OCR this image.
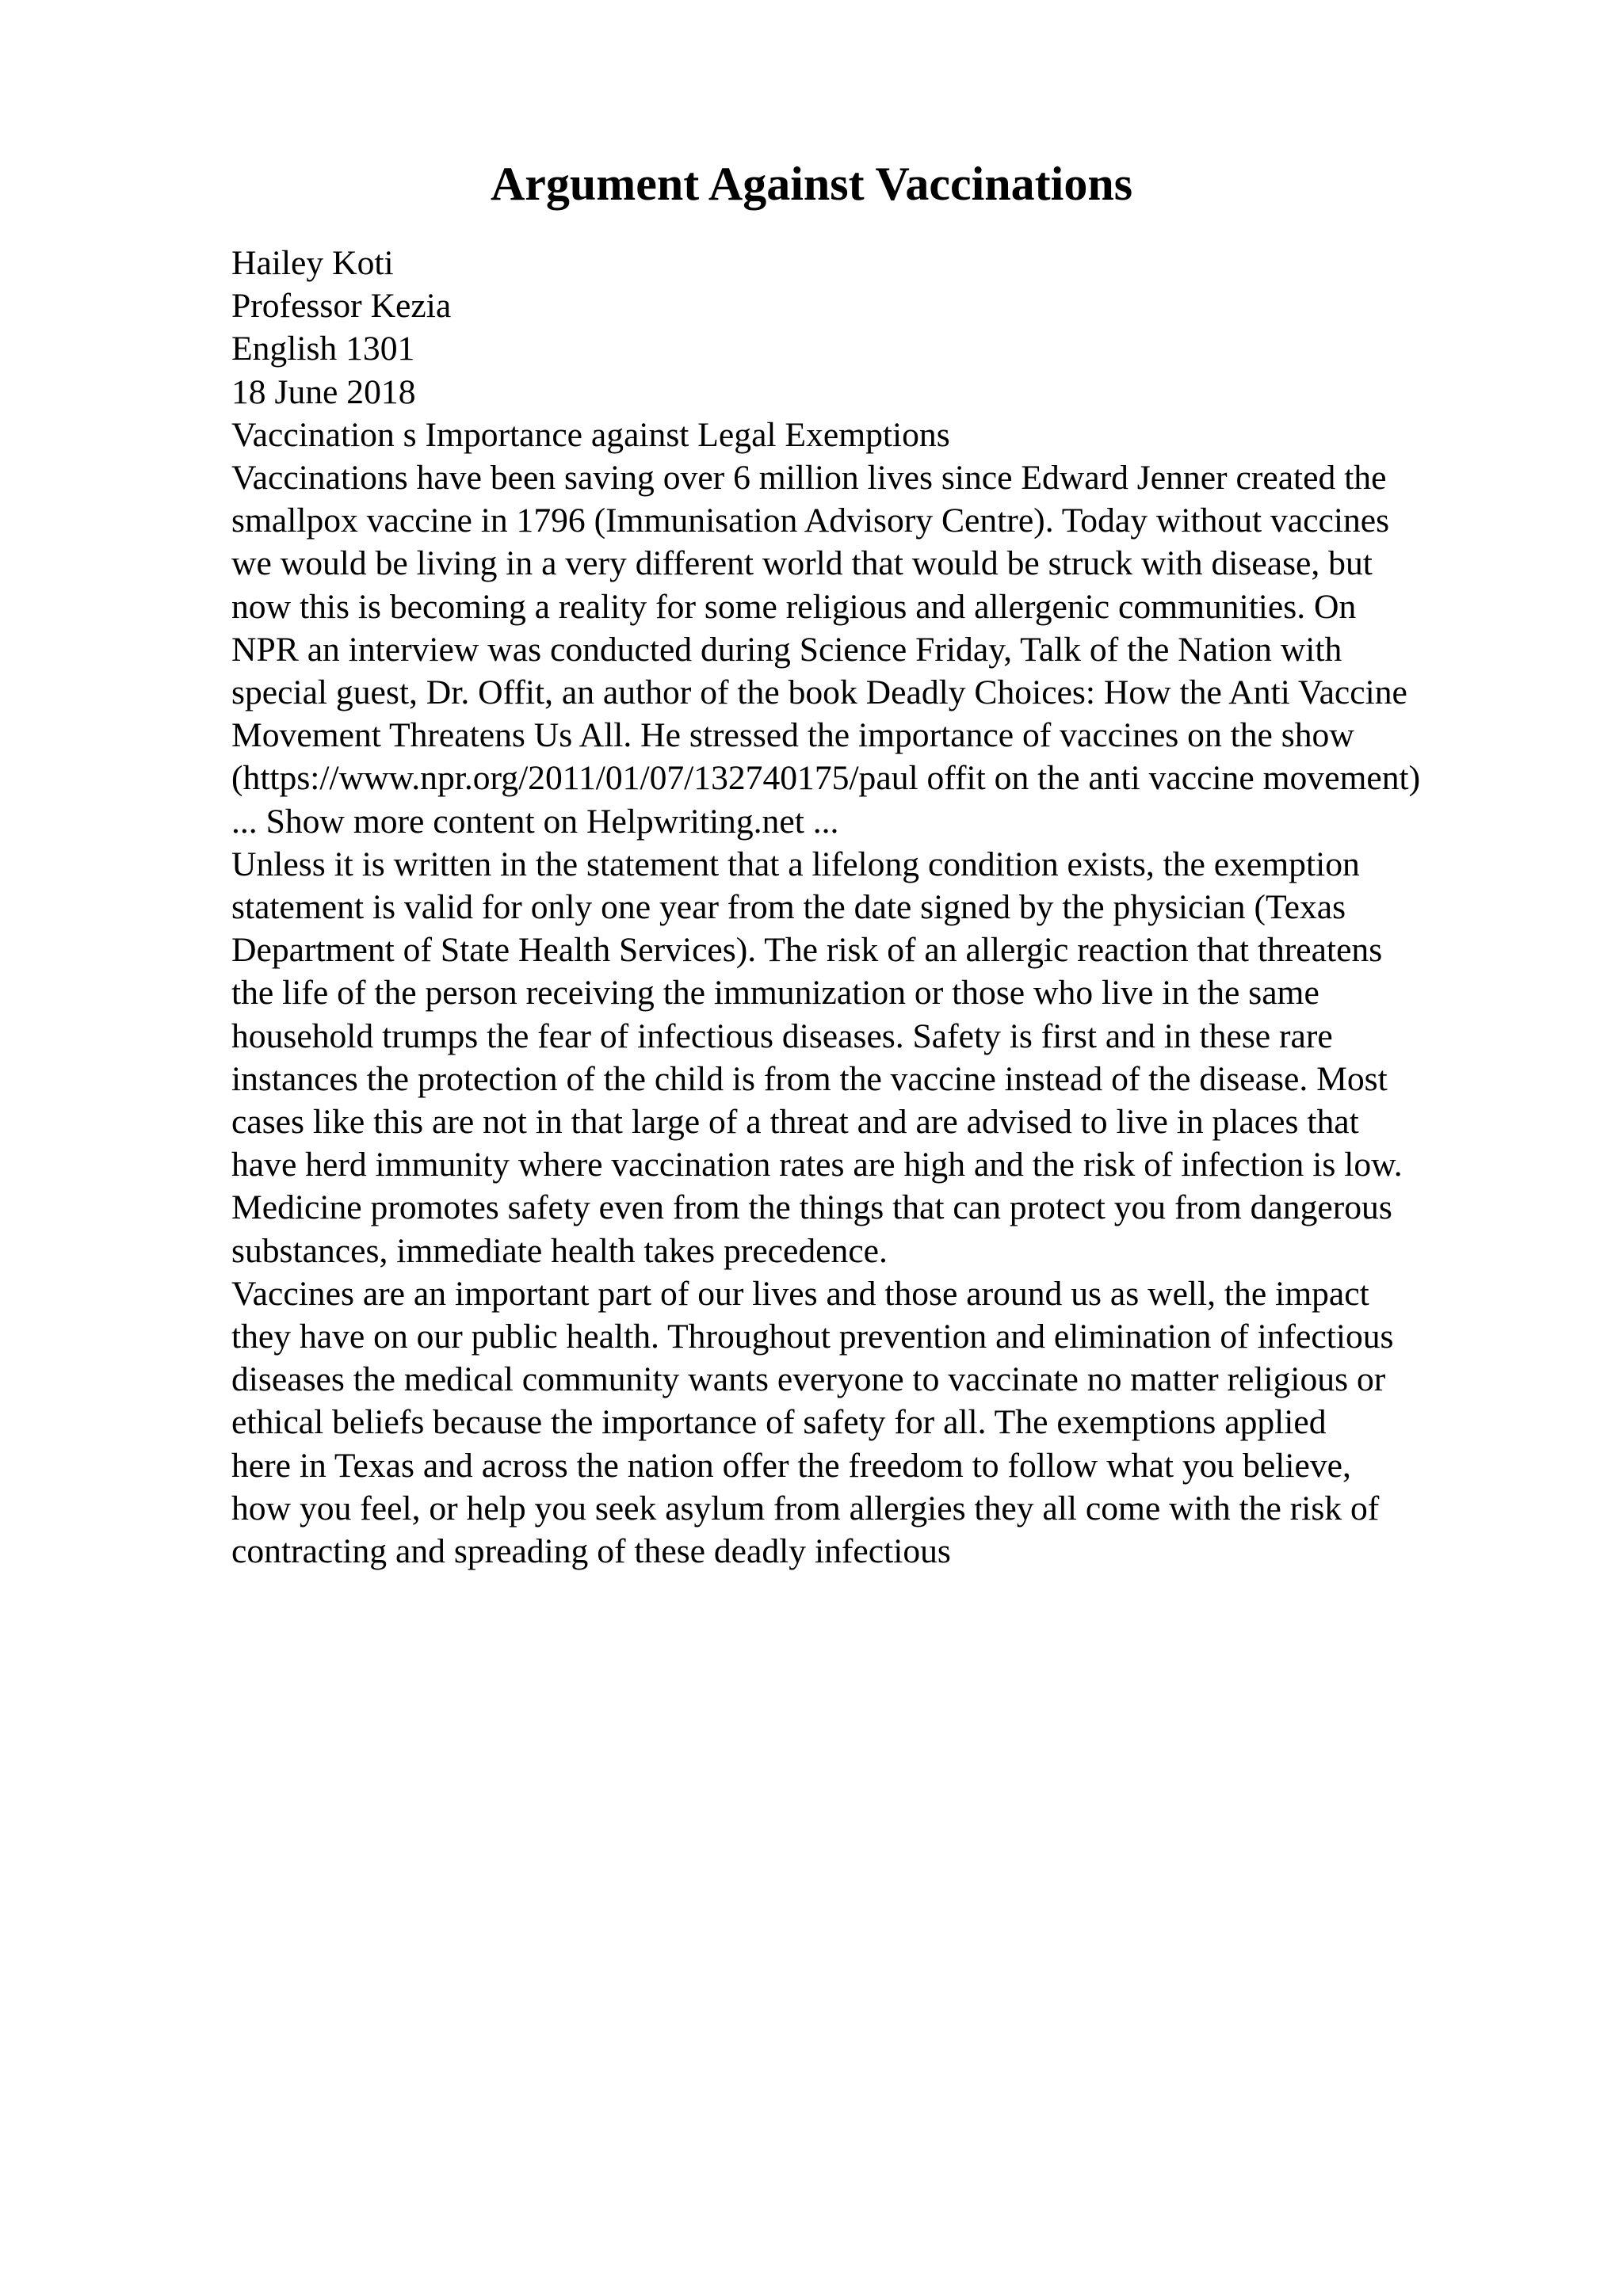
Argument Against Vaccinations
Hailey Koti
Professor Kezia
English 1301
18 June 2018
Vaccination s Importance against Legal Exemptions
Vaccinations have been saving over 6 million lives since Edward Jenner created the
smallpox vaccine in 1796 (Immunisation Advisory Centre). Today without vaccines
we would be living in a very different world that would be struck with disease, but
now this is becoming a reality for some religious and allergenic communities. On
NPR an interview was conducted during Science Friday, Talk of the Nation with
special guest, Dr. Offit, an author of the book Deadly Choices: How the Anti Vaccine
Movement Threatens Us All. He stressed the importance of vaccines on the show
(https://www.npr.org/2011/01/07/132740175/paul offit on the anti vaccine movement)
... Show more content on Helpwriting.net ...
Unless it is written in the statement that a lifelong condition exists, the exemption
statement is valid for only one year from the date signed by the physician (Texas
Department of State Health Services). The risk of an allergic reaction that threatens
the life of the person receiving the immunization or those who live in the same
household trumps the fear of infectious diseases. Safety is first and in these rare
instances the protection of the child is from the vaccine instead of the disease. Most
cases like this are not in that large of a threat and are advised to live in places that
have herd immunity where vaccination rates are high and the risk of infection is low.
Medicine promotes safety even from the things that can protect you from dangerous
substances, immediate health takes precedence.
Vaccines are an important part of our lives and those around us as well, the impact
they have on our public health. Throughout prevention and elimination of infectious
diseases the medical community wants everyone to vaccinate no matter religious or
ethical beliefs because the importance of safety for all. The exemptions applied
here in Texas and across the nation offer the freedom to follow what you believe,
how you feel, or help you seek asylum from allergies they all come with the risk of
contracting and spreading of these deadly infectious
